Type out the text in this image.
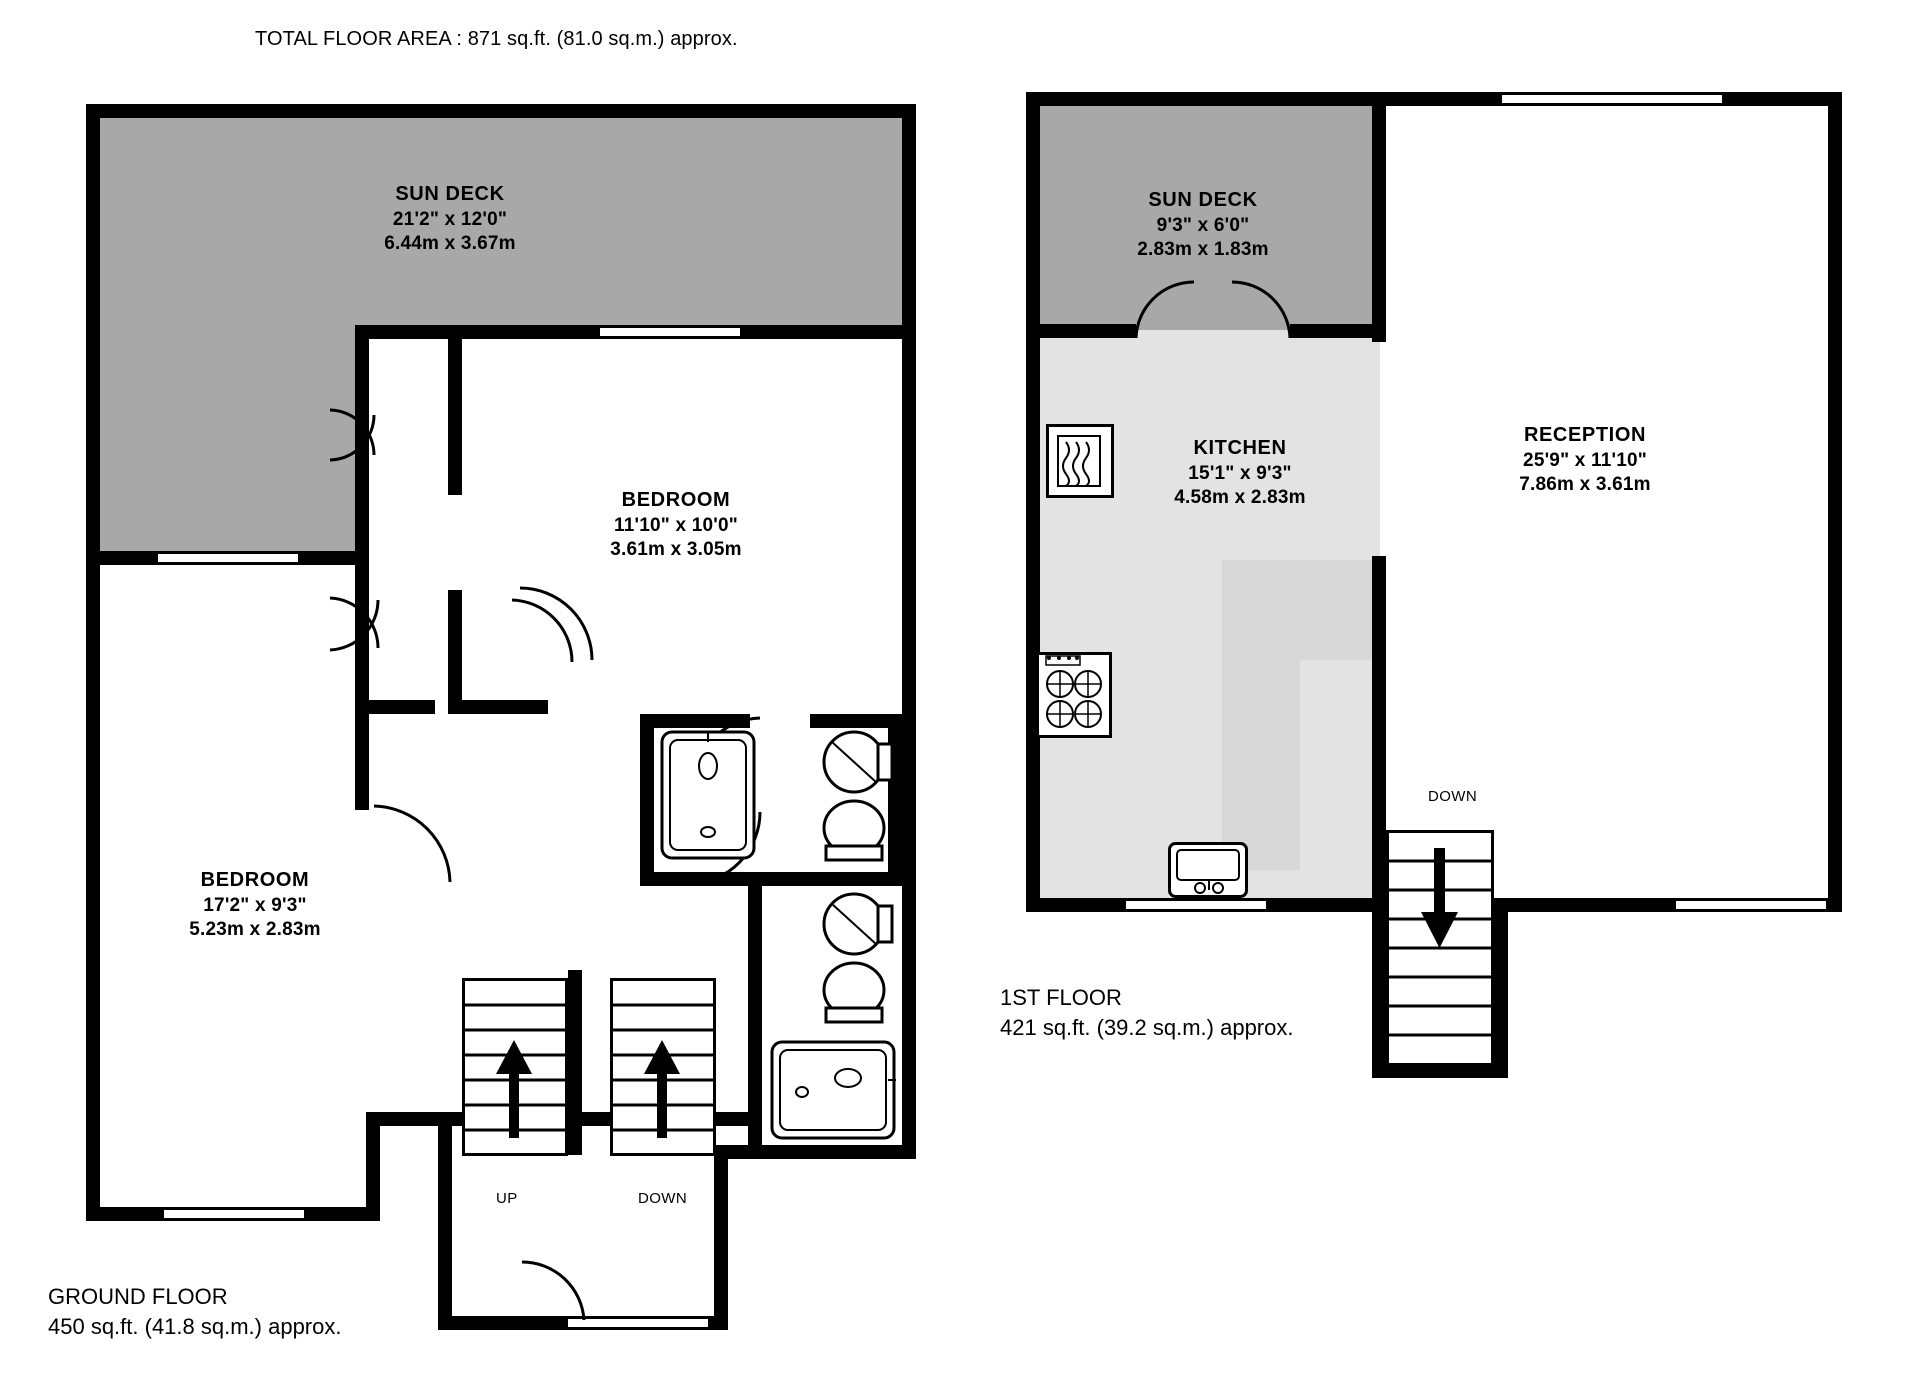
TOTAL FLOOR AREA : 871 sq.ft. (81.0 sq.m.) approx.
UP	DOWN
SUN DECK
21'2" x 12'0"
6.44m x 3.67m
BEDROOM
11'10" x 10'0"
3.61m x 3.05m
BEDROOM
17'2" x 9'3"
5.23m x 2.83m
GROUND FLOOR
450 sq.ft. (41.8 sq.m.) approx.
DOWN
SUN DECK
9'3" x 6'0"
2.83m x 1.83m
KITCHEN
15'1" x 9'3"
4.58m x 2.83m
RECEPTION
25'9" x 11'10"
7.86m x 3.61m
1ST FLOOR
421 sq.ft. (39.2 sq.m.) approx.
